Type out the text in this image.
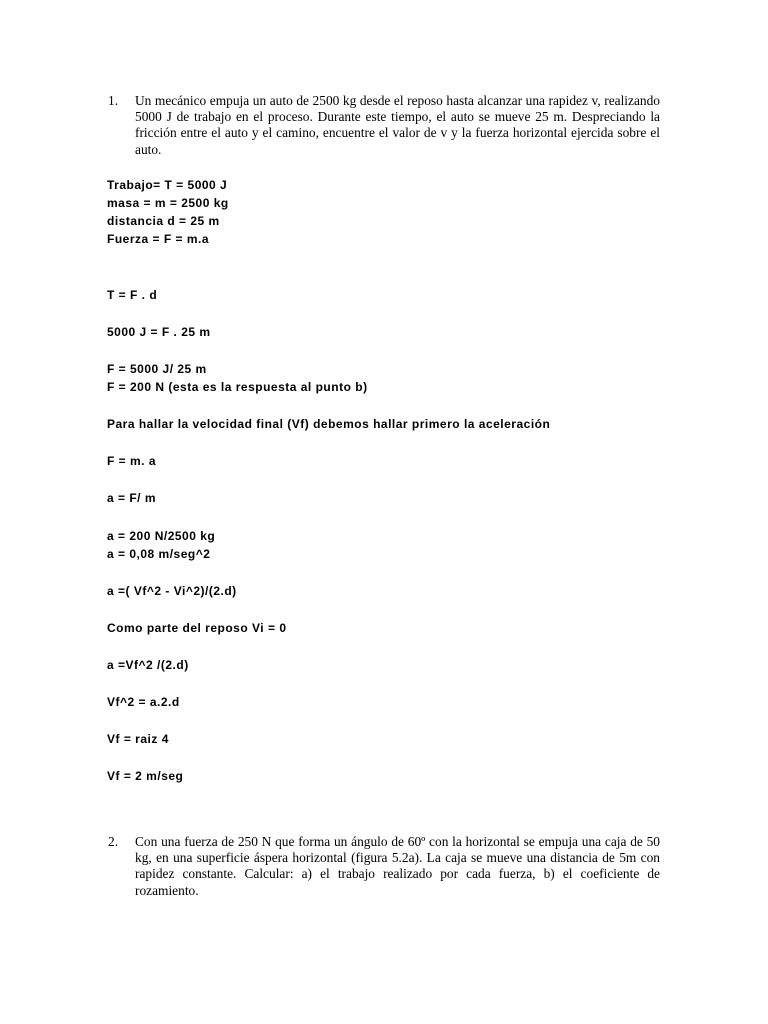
1. Un mecánico empuja un auto de 2500 kg desde el reposo hasta alcanzar una rapidez v, realizando 5000 J de trabajo en el proceso. Durante este tiempo, el auto se mueve 25 m. Despreciando la fricción entre el auto y el camino, encuentre el valor de v y la fuerza horizontal ejercida sobre el auto.
Trabajo= T = 5000 J
masa = m = 2500 kg
distancia d = 25 m
Fuerza = F = m.a
T = F . d
5000 J = F . 25 m
F = 5000 J/ 25 m
F = 200 N (esta es la respuesta al punto b)
Para hallar la velocidad final (Vf) debemos hallar primero la aceleración
F = m. a
a = F/ m
a = 200 N/2500 kg
a = 0,08 m/seg^2
a =( Vf^2 - Vi^2)/(2.d)
Como parte del reposo Vi = 0
a =Vf^2 /(2.d)
Vf^2 = a.2.d
Vf = raiz 4
Vf = 2 m/seg
2. Con una fuerza de 250 N que forma un ángulo de 60º con la horizontal se empuja una caja de 50 kg, en una superficie áspera horizontal (figura 5.2a). La caja se mueve una distancia de 5m con rapidez constante. Calcular: a) el trabajo realizado por cada fuerza, b) el coeficiente de rozamiento.
